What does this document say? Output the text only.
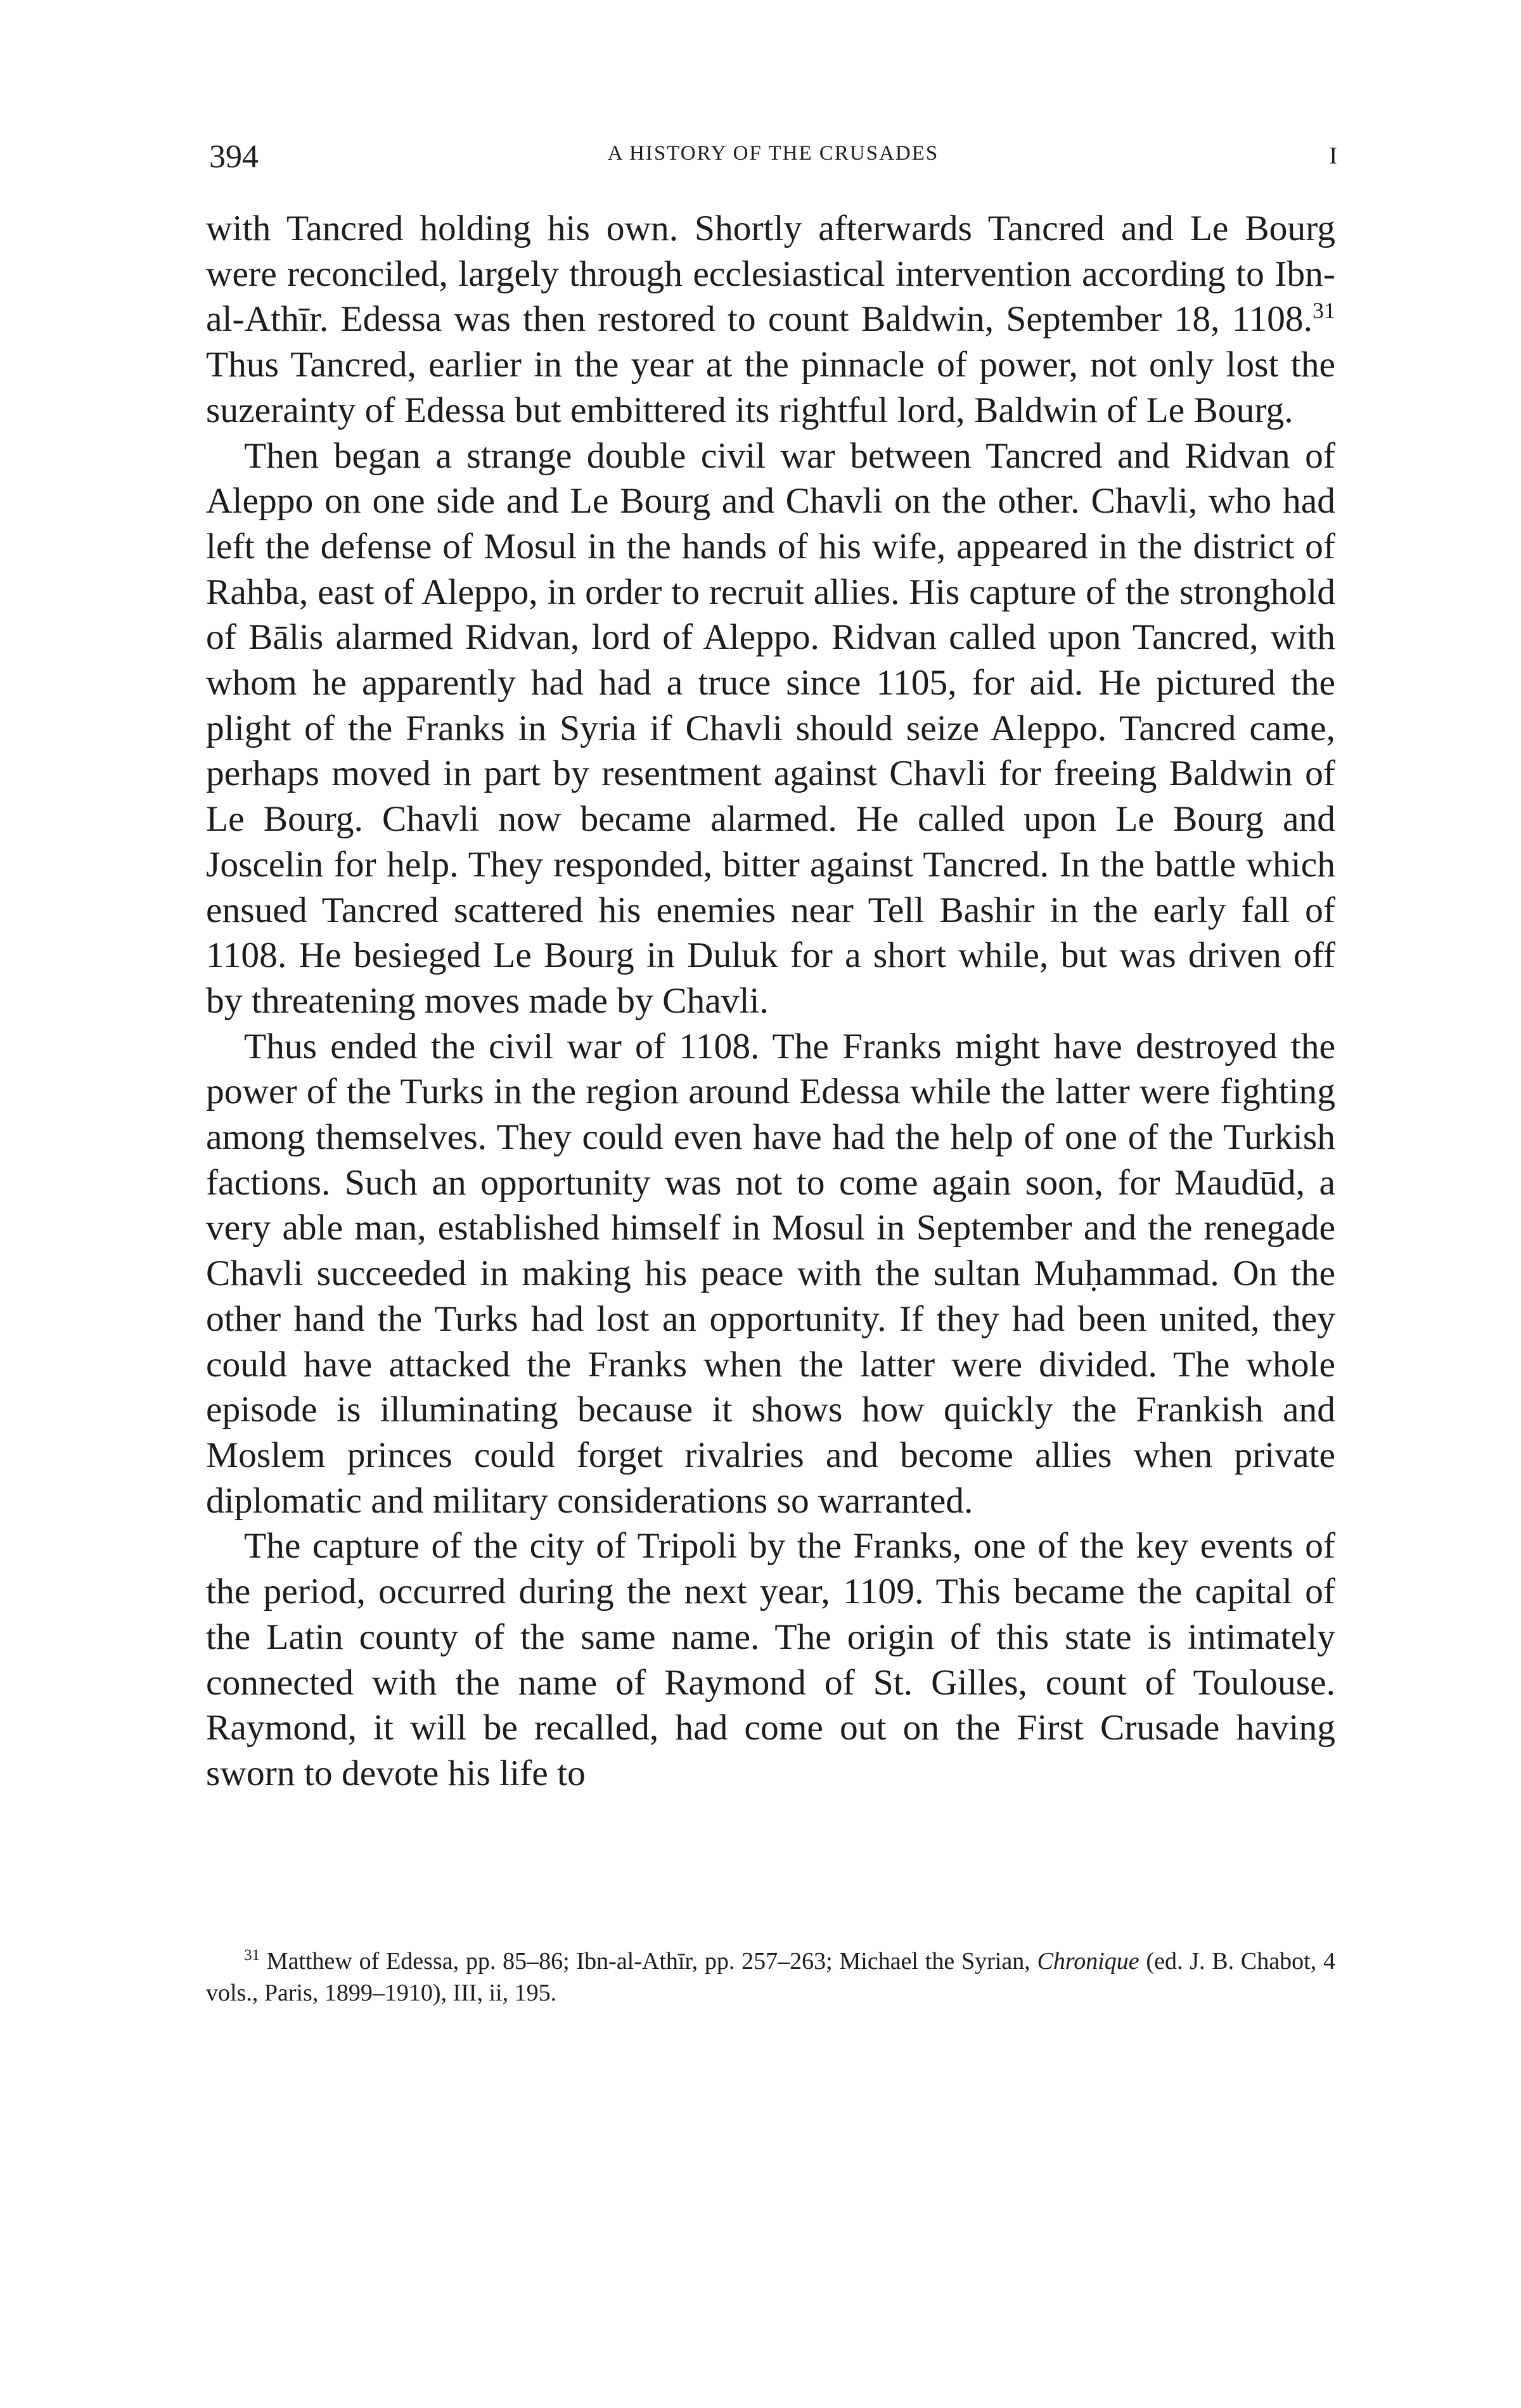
394	A HISTORY OF THE CRUSADES	I

with Tancred holding his own. Shortly afterwards Tancred and Le Bourg were reconciled, largely through ecclesiastical intervention according to Ibn-al-Athīr. Edessa was then restored to count Baldwin, September 18, 1108.31 Thus Tancred, earlier in the year at the pinnacle of power, not only lost the suzerainty of Edessa but embittered its rightful lord, Baldwin of Le Bourg.

Then began a strange double civil war between Tancred and Ridvan of Aleppo on one side and Le Bourg and Chavli on the other. Chavli, who had left the defense of Mosul in the hands of his wife, appeared in the district of Rahba, east of Aleppo, in order to recruit allies. His capture of the stronghold of Bālis alarmed Ridvan, lord of Aleppo. Ridvan called upon Tancred, with whom he apparently had had a truce since 1105, for aid. He pictured the plight of the Franks in Syria if Chavli should seize Aleppo. Tancred came, perhaps moved in part by resentment against Chavli for freeing Baldwin of Le Bourg. Chavli now became alarmed. He called upon Le Bourg and Joscelin for help. They responded, bitter against Tancred. In the battle which ensued Tancred scattered his enemies near Tell Bashir in the early fall of 1108. He besieged Le Bourg in Duluk for a short while, but was driven off by threatening moves made by Chavli.

Thus ended the civil war of 1108. The Franks might have destroyed the power of the Turks in the region around Edessa while the latter were fighting among themselves. They could even have had the help of one of the Turkish factions. Such an opportunity was not to come again soon, for Maudūd, a very able man, established himself in Mosul in September and the renegade Chavli succeeded in making his peace with the sultan Muḥammad. On the other hand the Turks had lost an opportunity. If they had been united, they could have attacked the Franks when the latter were divided. The whole episode is illuminating because it shows how quickly the Frankish and Moslem princes could forget rivalries and become allies when private diplomatic and military considerations so warranted.

The capture of the city of Tripoli by the Franks, one of the key events of the period, occurred during the next year, 1109. This became the capital of the Latin county of the same name. The origin of this state is intimately connected with the name of Raymond of St. Gilles, count of Toulouse. Raymond, it will be recalled, had come out on the First Crusade having sworn to devote his life to

$^{31}$ Matthew of Edessa, pp. 85–86; Ibn-al-Athīr, pp. 257–263; Michael the Syrian, Chronique (ed. J. B. Chabot, 4 vols., Paris, 1899–1910), III, ii, 195.
